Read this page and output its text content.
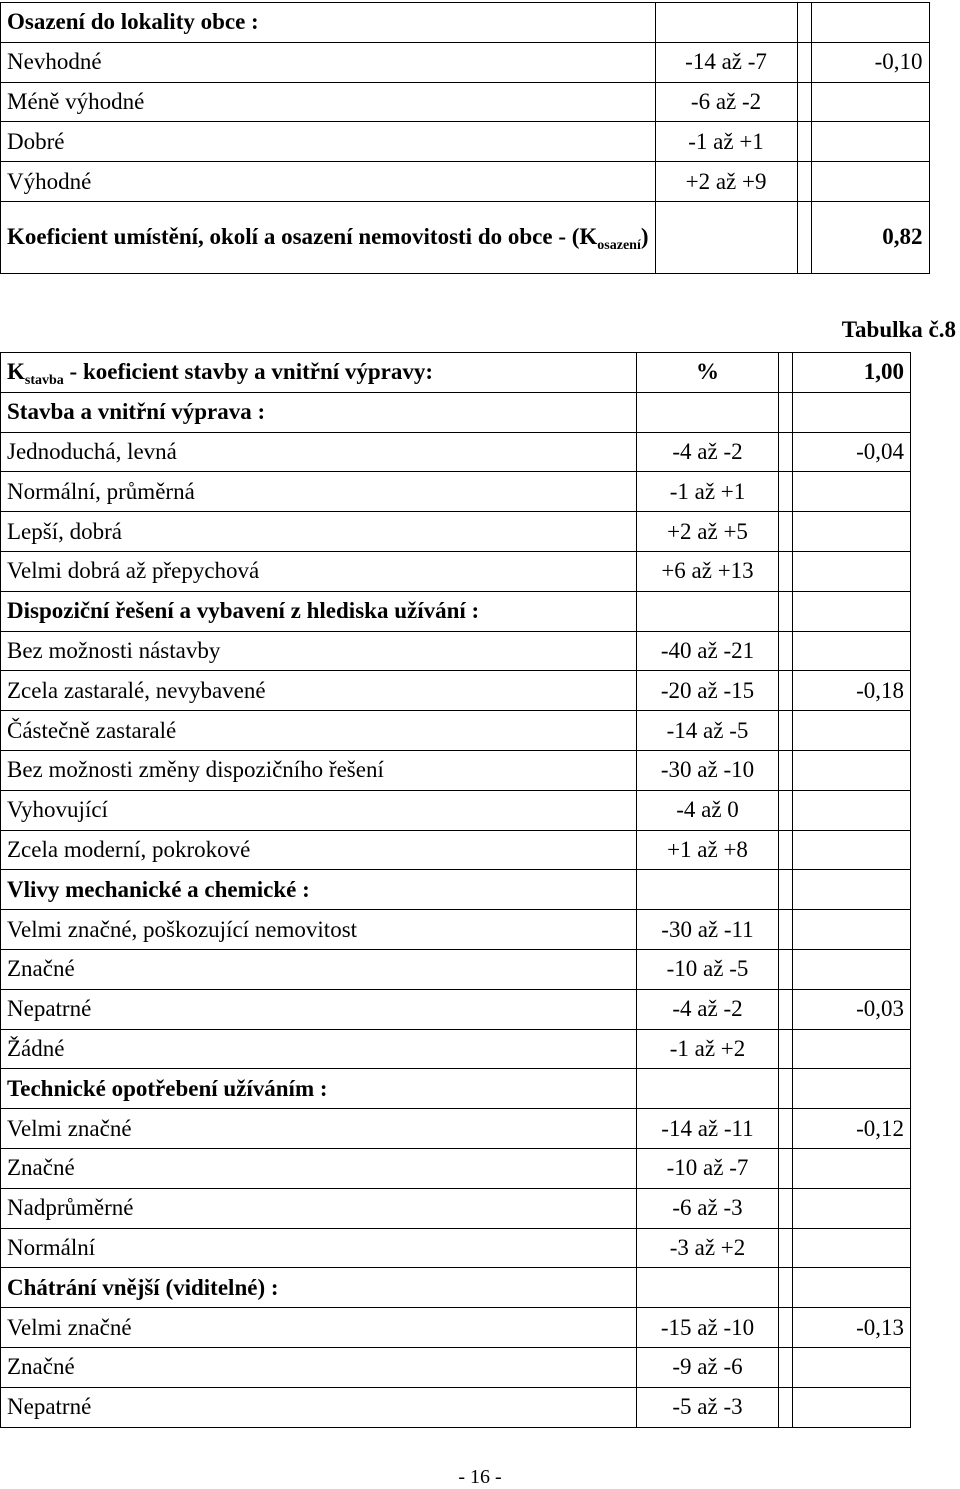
Osazení do lokality obce :			
Nevhodné	-14 až -7		-0,10
Méně výhodné	-6 až -2		
Dobré	-1 až +1		
Výhodné	+2 až +9		
Koeficient umístění, okolí a osazení nemovitosti do obce - $(K_{osazení})$			0,82
Tabulka č.8
$K_{stavba}$ - koeficient stavby a vnitřní výpravy:	%		1,00
Stavba a vnitřní výprava :			
Jednoduchá, levná	-4 až -2		-0,04
Normální, průměrná	-1 až +1		
Lepší, dobrá	+2 až +5		
Velmi dobrá až přepychová	+6 až +13		
Dispoziční řešení a vybavení z hlediska užívání :			
Bez možnosti nástavby	-40 až -21		
Zcela zastaralé, nevybavené	-20 až -15		-0,18
Částečně zastaralé	-14 až -5		
Bez možnosti změny dispozičního řešení	-30 až -10		
Vyhovující	-4 až 0		
Zcela moderní, pokrokové	+1 až +8		
Vlivy mechanické a chemické :			
Velmi značné, poškozující nemovitost	-30 až -11		
Značné	-10 až -5		
Nepatrné	-4 až -2		-0,03
Žádné	-1 až +2		
Technické opotřebení užíváním :			
Velmi značné	-14 až -11		-0,12
Značné	-10 až -7		
Nadprůměrné	-6 až -3		
Normální	-3 až +2		
Chátrání vnější (viditelné) :			
Velmi značné	-15 až -10		-0,13
Značné	-9 až -6		
Nepatrné	-5 až -3		
- 16 -
